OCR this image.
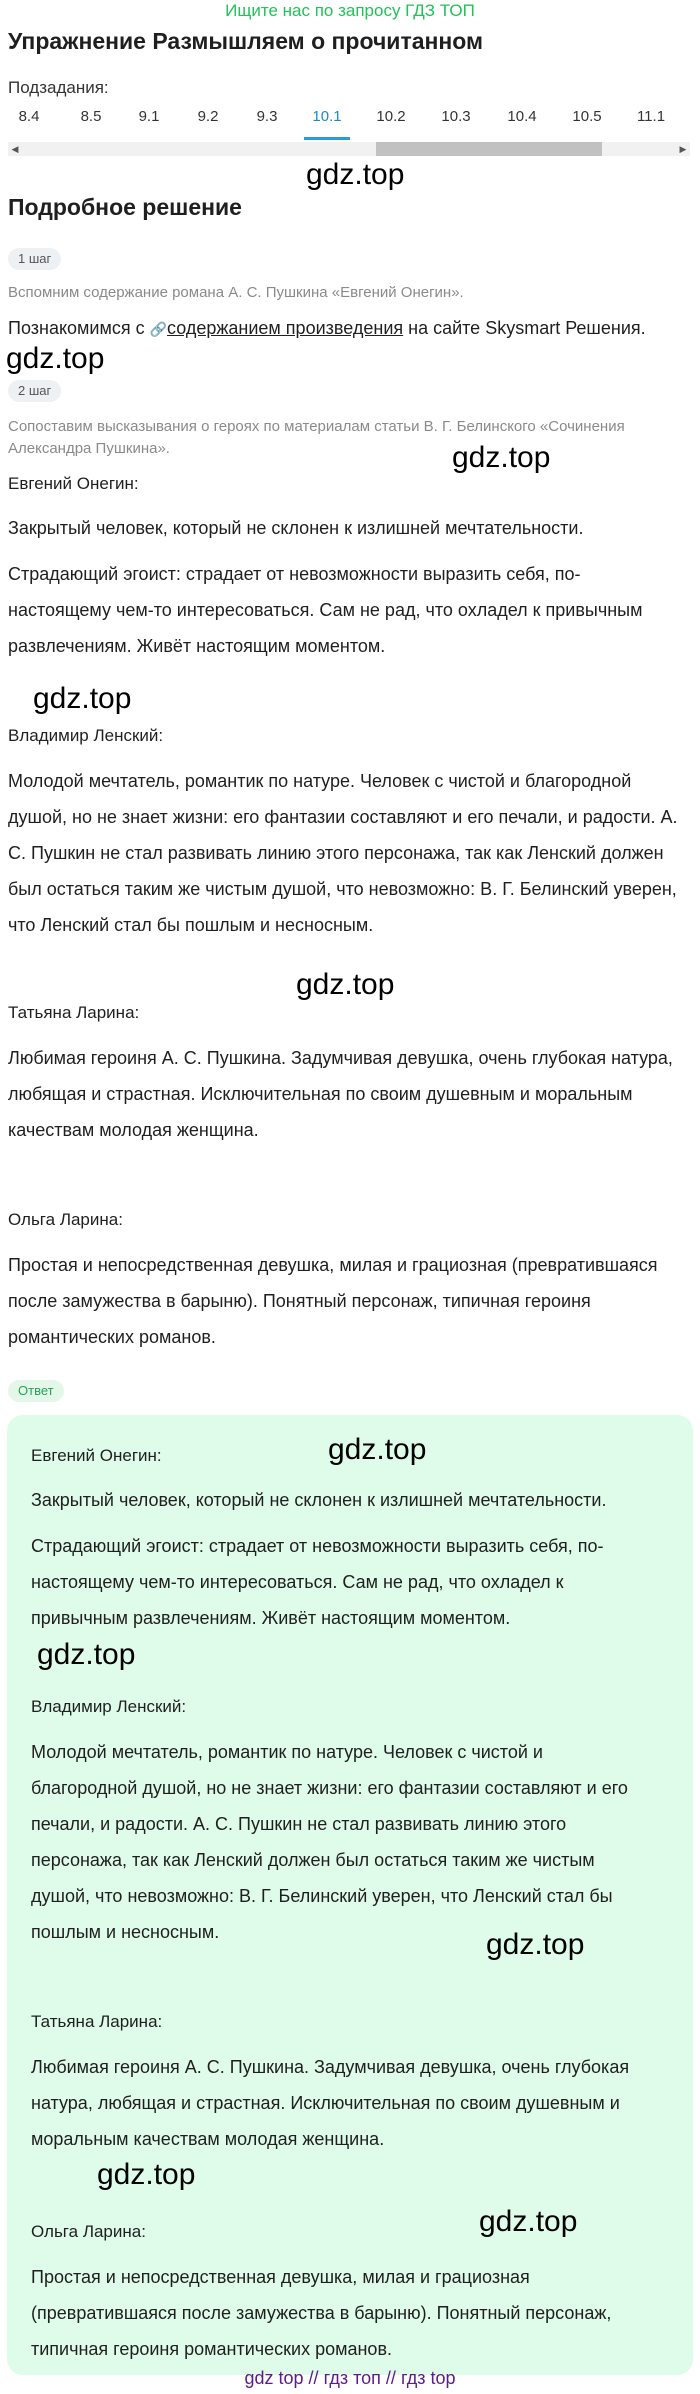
Ищите нас по запросу ГДЗ ТОП
Упражнение Размышляем о прочитанном
Подзадания:
8.4	8.5	9.1	9.2	9.3	10.1	10.2	10.3	10.4	10.5	11.1
◀	▶
gdz.top
Подробное решение
1 шаг
Вспомним содержание романа А. С. Пушкина «Евгений Онегин».
Познакомимся с 🔗содержанием произведения на сайте Skysmart Решения.
gdz.top
2 шаг
Сопоставим высказывания о героях по материалам статьи В. Г. Белинского «Сочинения
Александра Пушкина».	gdz.top
Евгений Онегин:
Закрытый человек, который не склонен к излишней мечтательности.
Страдающий эгоист: страдает от невозможности выразить себя, по-
настоящему чем-то интересоваться. Сам не рад, что охладел к привычным
развлечениям. Живёт настоящим моментом.
gdz.top
Владимир Ленский:
Молодой мечтатель, романтик по натуре. Человек с чистой и благородной
душой, но не знает жизни: его фантазии составляют и его печали, и радости. А.
С. Пушкин не стал развивать линию этого персонажа, так как Ленский должен
был остаться таким же чистым душой, что невозможно: В. Г. Белинский уверен,
что Ленский стал бы пошлым и несносным.
gdz.top
Татьяна Ларина:
Любимая героиня А. С. Пушкина. Задумчивая девушка, очень глубокая натура,
любящая и страстная. Исключительная по своим душевным и моральным
качествам молодая женщина.
Ольга Ларина:
Простая и непосредственная девушка, милая и грациозная (превратившаяся
после замужества в барыню). Понятный персонаж, типичная героиня
романтических романов.
Ответ
gdz.top
Евгений Онегин:
Закрытый человек, который не склонен к излишней мечтательности.
Страдающий эгоист: страдает от невозможности выразить себя, по-
настоящему чем-то интересоваться. Сам не рад, что охладел к
привычным развлечениям. Живёт настоящим моментом.
gdz.top
Владимир Ленский:
Молодой мечтатель, романтик по натуре. Человек с чистой и
благородной душой, но не знает жизни: его фантазии составляют и его
печали, и радости. А. С. Пушкин не стал развивать линию этого
персонажа, так как Ленский должен был остаться таким же чистым
душой, что невозможно: В. Г. Белинский уверен, что Ленский стал бы
пошлым и несносным.	gdz.top
Татьяна Ларина:
Любимая героиня А. С. Пушкина. Задумчивая девушка, очень глубокая
натура, любящая и страстная. Исключительная по своим душевным и
моральным качествам молодая женщина.
gdz.top
gdz.top
Ольга Ларина:
Простая и непосредственная девушка, милая и грациозная
(превратившаяся после замужества в барыню). Понятный персонаж,
типичная героиня романтических романов.
gdz top // гдз топ // гдз top
